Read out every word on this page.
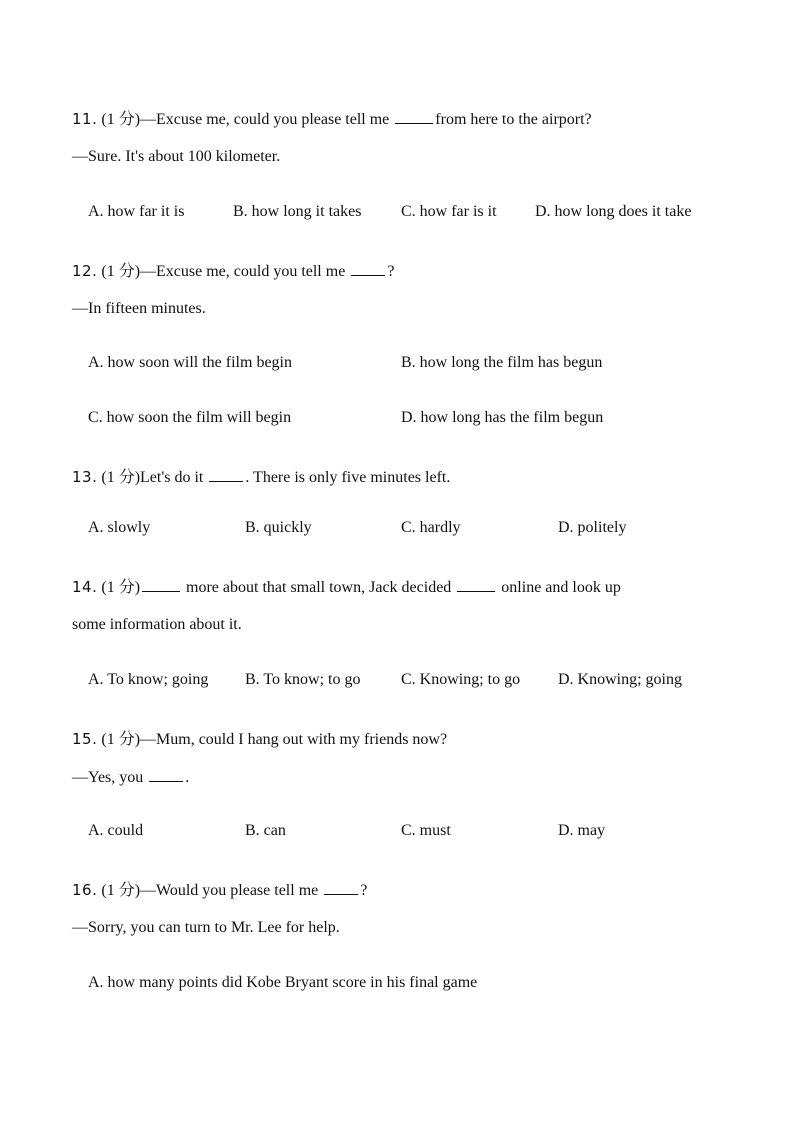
11. (1 分)—Excuse me, could you please tell me	from here to the airport?
—Sure. It's about 100 kilometer.
A. how far it is	B. how long it takes C. how far is it D. how long does it take
12. (1 分)—Excuse me, could you tell me ?
—In fifteen minutes.
A. how soon will the film begin	B. how long the film has begun
C. how soon the film will begin	D. how long has the film begun
13. (1 分)Let's do it . There is only five minutes left.
A. slowly	B. quickly	C. hardly	D. politely
14. (1 分)	more about that small town, Jack decided	online and look up
some information about it.
A. To know; going B. To know; to go	C. Knowing; to go D. Knowing; going
15. (1 分)—Mum, could I hang out with my friends now?
—Yes, you .
A. could	B. can	C. must	D. may
16. (1 分)—Would you please tell me ?
—Sorry, you can turn to Mr. Lee for help.
A. how many points did Kobe Bryant score in his final game
